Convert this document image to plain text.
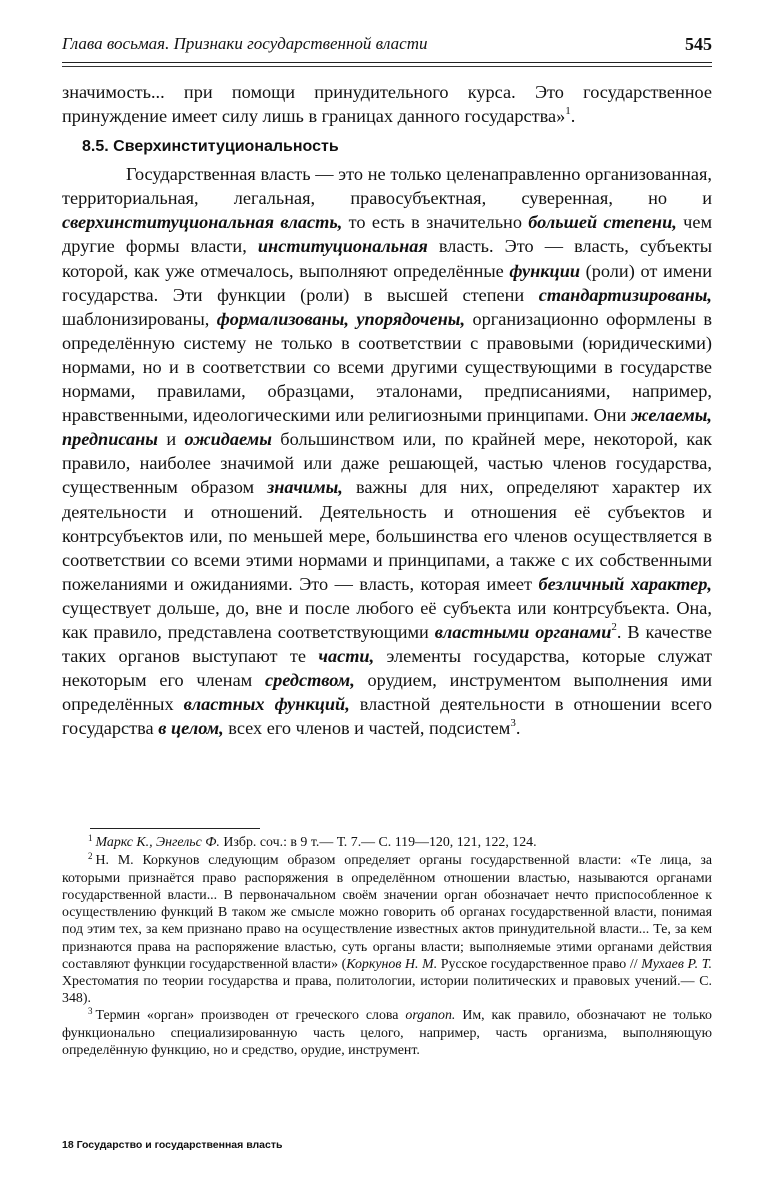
Глава восьмая. Признаки государственной власти	545

значимость... при помощи принудительного курса. Это государственное принуждение имеет силу лишь в границах данного государства»$^1$.

8.5. Сверхинституциональность

Государственная власть — это не только целенаправленно организованная, территориальная, легальная, правосубъектная, суверенная, но и сверхинституциональная власть, то есть в значительно большей степени, чем другие формы власти, институциональная власть. Это — власть, субъекты которой, как уже отмечалось, выполняют определённые функции (роли) от имени государства. Эти функции (роли) в высшей степени стандартизированы, шаблонизированы, формализованы, упорядочены, организационно оформлены в определённую систему не только в соответствии с правовыми (юридическими) нормами, но и в соответствии со всеми другими существующими в государстве нормами, правилами, образцами, эталонами, предписаниями, например, нравственными, идеологическими или религиозными принципами. Они желаемы, предписаны и ожидаемы большинством или, по крайней мере, некоторой, как правило, наиболее значимой или даже решающей, частью членов государства, существенным образом значимы, важны для них, определяют характер их деятельности и отношений. Деятельность и отношения её субъектов и контрсубъектов или, по меньшей мере, большинства его членов осуществляется в соответствии со всеми этими нормами и принципами, а также с их собственными пожеланиями и ожиданиями. Это — власть, которая имеет безличный характер, существует дольше, до, вне и после любого её субъекта или контрсубъекта. Она, как правило, представлена соответствующими властными органами$^2$. В качестве таких органов выступают те части, элементы государства, которые служат некоторым его членам средством, орудием, инструментом выполнения ими определённых властных функций, властной деятельности в отношении всего государства в целом, всех его членов и частей, подсистем$^3$.

$^1$ Маркс К., Энгельс Ф. Избр. соч.: в 9 т.— Т. 7.— С. 119—120, 121, 122, 124.

$^2$ Н. М. Коркунов следующим образом определяет органы государственной власти: «Те лица, за которыми признаётся право распоряжения в определённом отношении властью, называются органами государственной власти... В первоначальном своём значении орган обозначает нечто приспособленное к осуществлению функций В таком же смысле можно говорить об органах государственной власти, понимая под этим тех, за кем признано право на осуществление известных актов принудительной власти... Те, за кем признаются права на распоряжение властью, суть органы власти; выполняемые этими органами действия составляют функции государственной власти» (Коркунов Н. М. Русское государственное право // Мухаев Р. Т. Хрестоматия по теории государства и права, политологии, истории политических и правовых учений.— С. 348).

$^3$ Термин «орган» производен от греческого слова organon. Им, как правило, обозначают не только функционально специализированную часть целого, например, часть организма, выполняющую определённую функцию, но и средство, орудие, инструмент.

18 Государство и государственная власть
